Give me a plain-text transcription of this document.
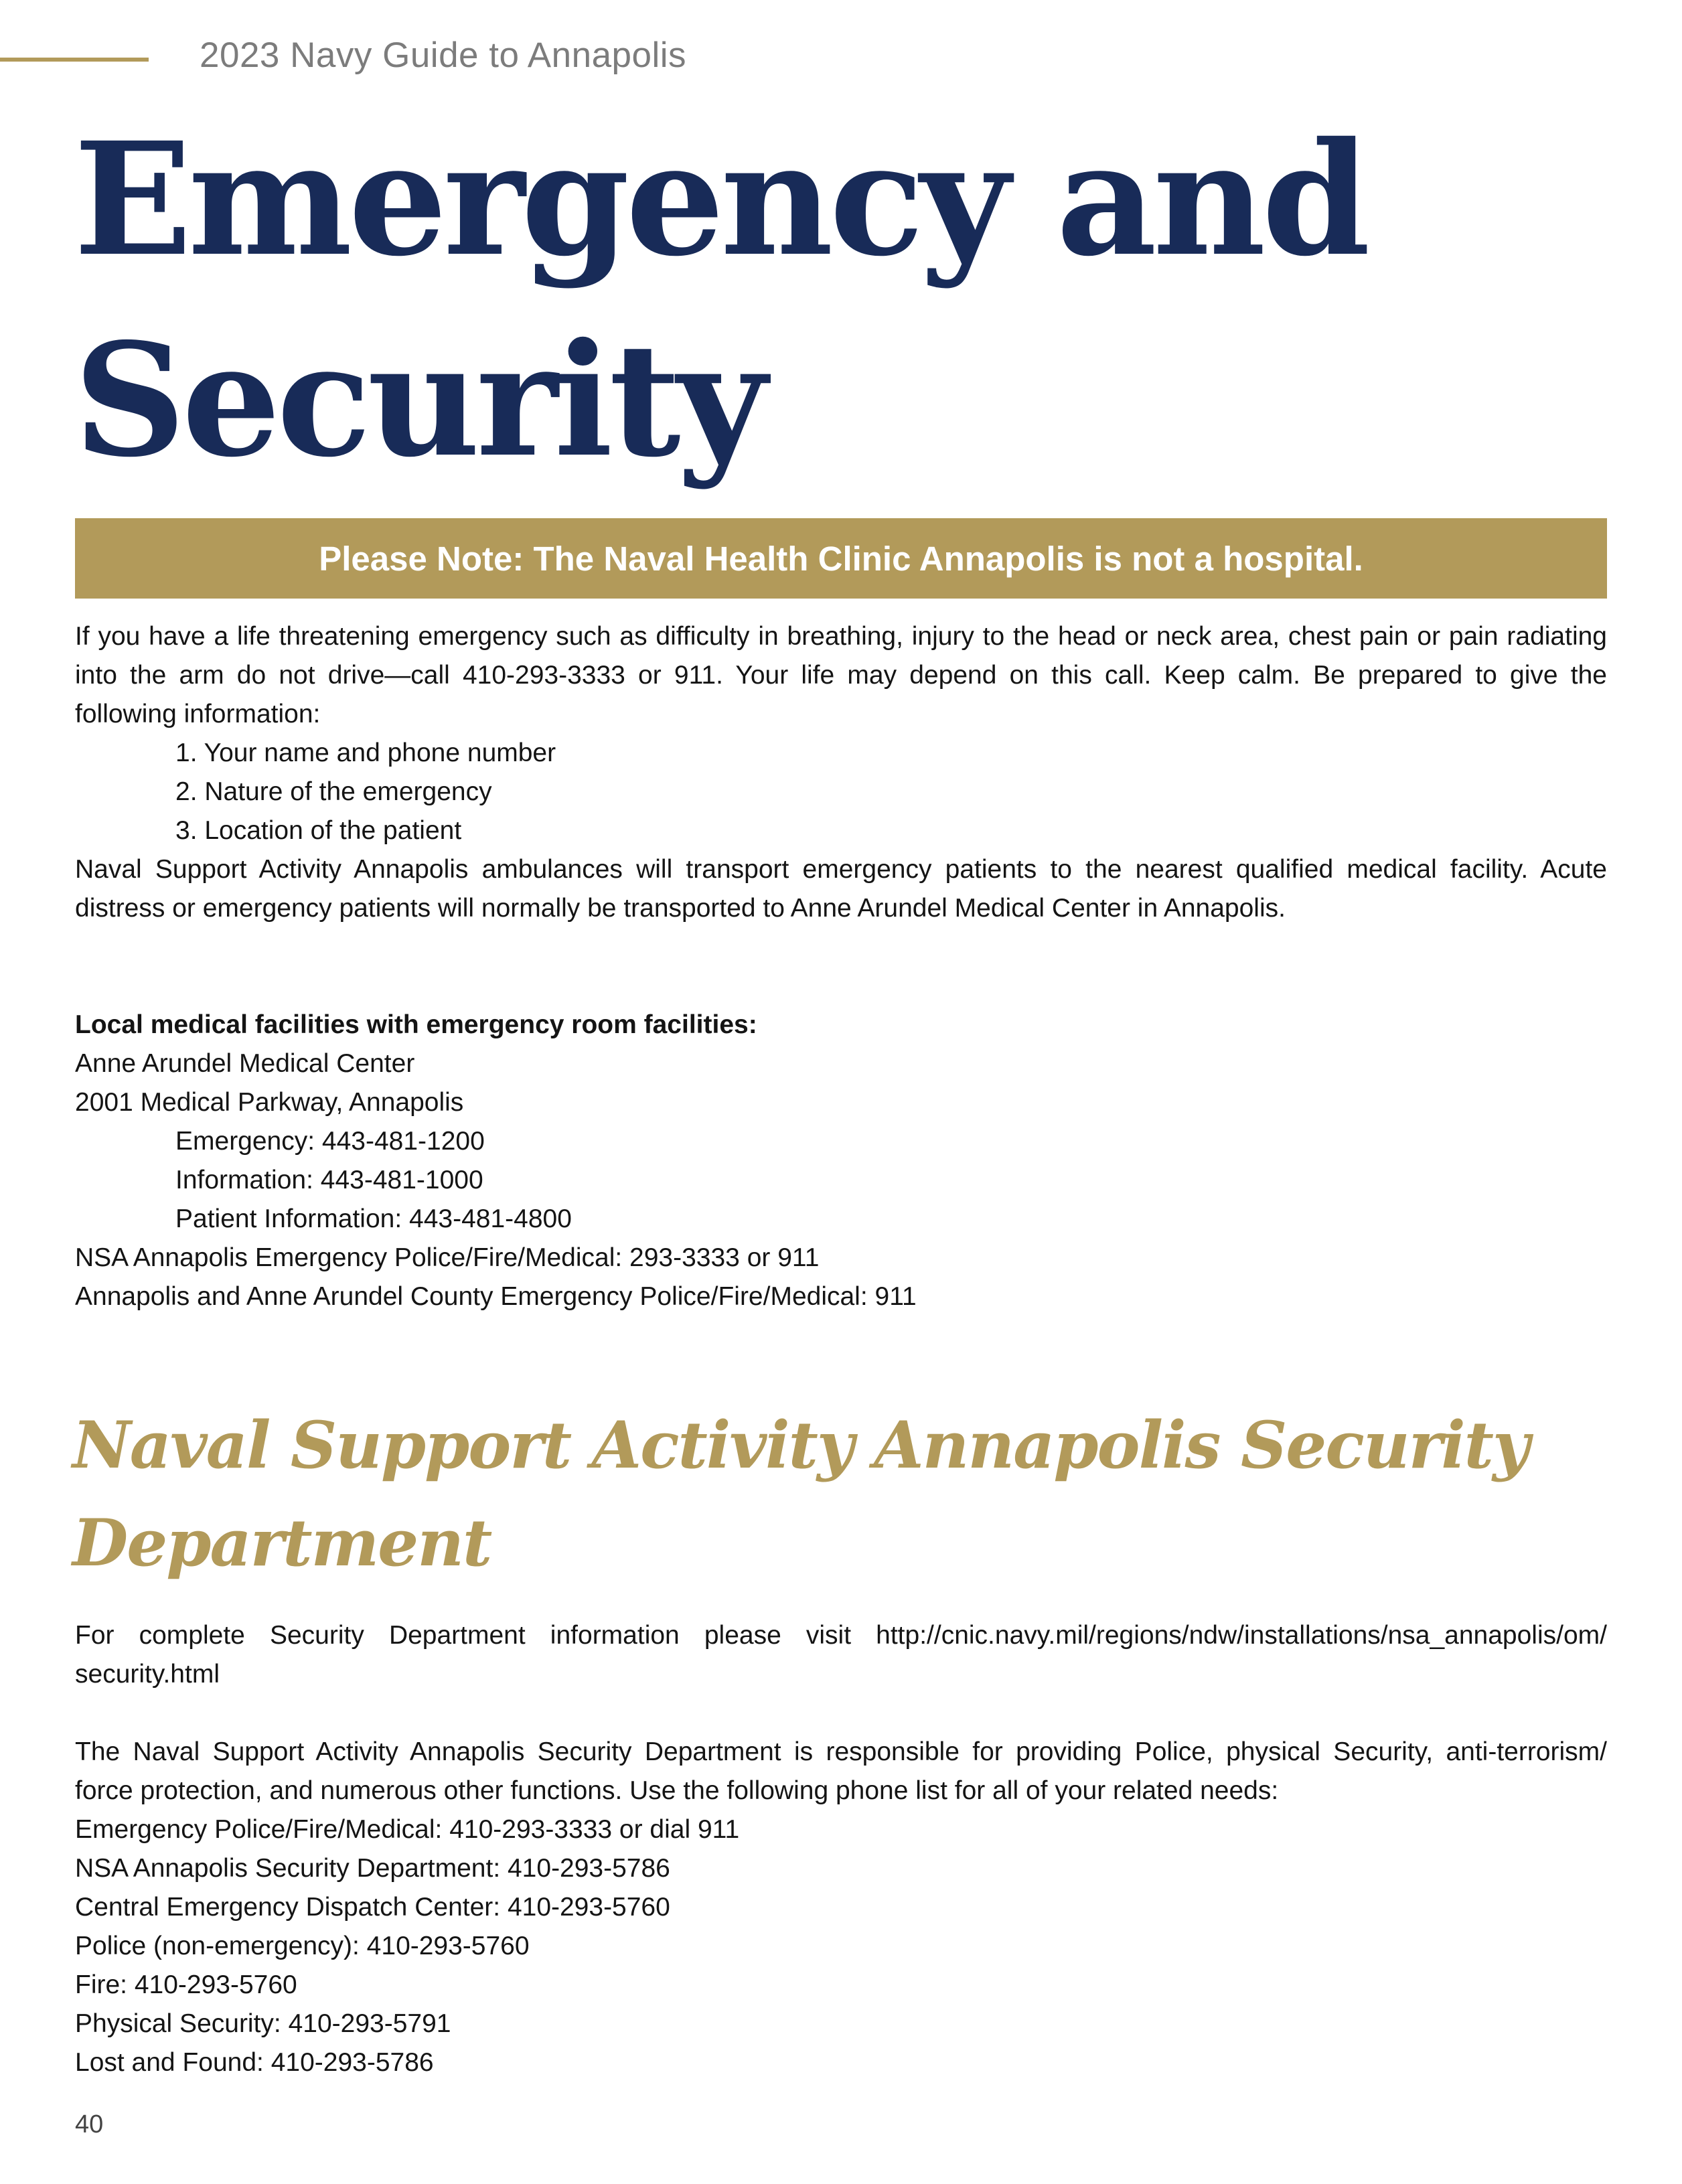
2023 Navy Guide to Annapolis
Emergency and
Security
Please Note: The Naval Health Clinic Annapolis is not a hospital.
If you have a life threatening emergency such as difficulty in breathing, injury to the head or neck area, chest pain or pain radiating
into the arm do not drive—call 410-293-3333 or 911. Your life may depend on this call. Keep calm. Be prepared to give the
following information:
1. Your name and phone number
2. Nature of the emergency
3. Location of the patient
Naval Support Activity Annapolis ambulances will transport emergency patients to the nearest qualified medical facility. Acute
distress or emergency patients will normally be transported to Anne Arundel Medical Center in Annapolis.
Local medical facilities with emergency room facilities:
Anne Arundel Medical Center
2001 Medical Parkway, Annapolis
Emergency: 443-481-1200
Information: 443-481-1000
Patient Information: 443-481-4800
NSA Annapolis Emergency Police/Fire/Medical: 293-3333 or 911
Annapolis and Anne Arundel County Emergency Police/Fire/Medical: 911
Naval Support Activity Annapolis Security
Department
For complete Security Department information please visit http://cnic.navy.mil/regions/ndw/installations/nsa_annapolis/om/
security.html
The Naval Support Activity Annapolis Security Department is responsible for providing Police, physical Security, anti-terrorism/
force protection, and numerous other functions. Use the following phone list for all of your related needs:
Emergency Police/Fire/Medical: 410-293-3333 or dial 911
NSA Annapolis Security Department: 410-293-5786
Central Emergency Dispatch Center: 410-293-5760
Police (non-emergency): 410-293-5760
Fire: 410-293-5760
Physical Security: 410-293-5791
Lost and Found: 410-293-5786
40
